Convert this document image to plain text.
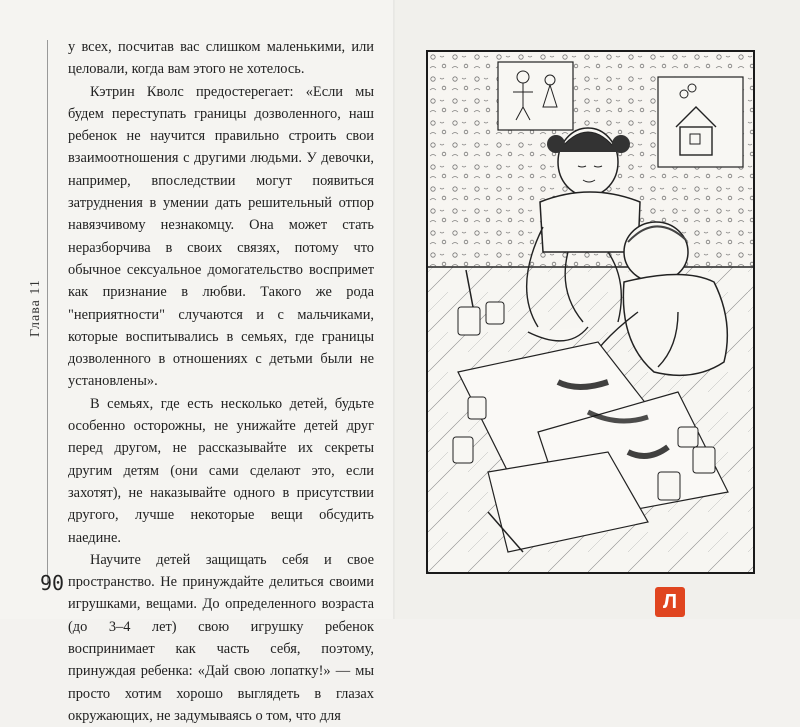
Глава 11

у всех, посчитав вас слишком маленькими, или целовали, когда вам этого не хотелось.

Кэтрин Кволс предостерегает: «Если мы будем переступать границы дозволенного, наш ребенок не научится правильно строить свои взаимоотношения с другими людьми. У девочки, например, впоследствии могут появиться затруднения в умении дать решительный отпор навязчивому незнакомцу. Она может стать неразборчива в своих связях, потому что обычное сексуальное домогательство воспримет как признание в любви. Такого же рода "неприятности" случаются и с мальчиками, которые воспитывались в семьях, где границы дозволенного в отношениях с детьми были не установлены».

В семьях, где есть несколько детей, будьте особенно осторожны, не унижайте детей друг перед другом, не рассказывайте их секреты другим детям (они сами сделают это, если захотят), не наказывайте одного в присутствии другого, лучше некоторые вещи обсудить наедине.

Научите детей защищать себя и свое пространство. Не принуждайте делиться своими игрушками, вещами. До определенного возраста (до 3–4 лет) свою игрушку ребенок воспринимает как часть себя, поэтому, принуждая ребенка: «Дай свою лопатку!» — мы просто хотим хорошо выглядеть в глазах окружающих, не задумываясь о том, что для

90
Л
